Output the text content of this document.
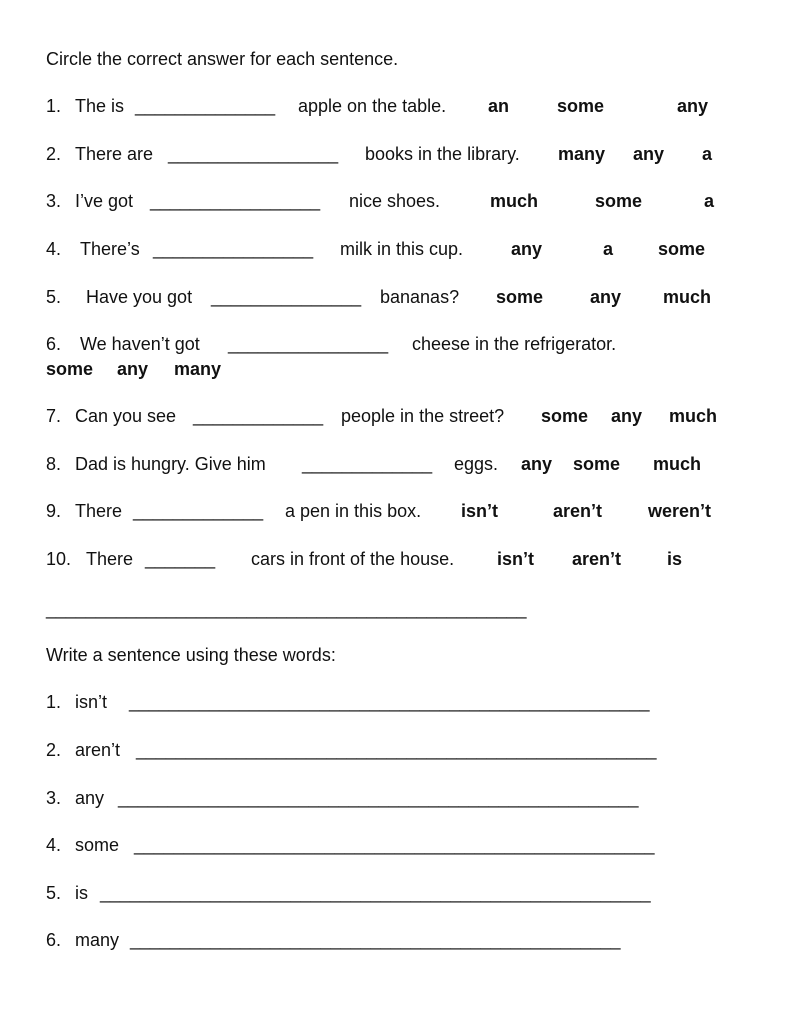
Circle the correct answer for each sentence.
1. The is ______________ apple on the table. an	some	any
2. There are _________________ books in the library. many any a
3. I’ve got _________________ nice shoes.	much	some	a
4. There’s ________________ milk in this cup.	any	a some
5. Have you got _______________ bananas? some	any much
6. We haven’t got ________________ cheese in the refrigerator.
some any many
7. Can you see _____________ people in the street? some any much
8. Dad is hungry. Give him _____________ eggs. any some much
9. There _____________ a pen in this box. isn’t	aren’t	weren’t
10. There _______ cars in front of the house. isn’t aren’t	is
________________________________________________
Write a sentence using these words:
1. isn’t ____________________________________________________
2. aren’t ____________________________________________________
3. any ____________________________________________________
4. some ____________________________________________________
5. is _______________________________________________________
6. many _________________________________________________
